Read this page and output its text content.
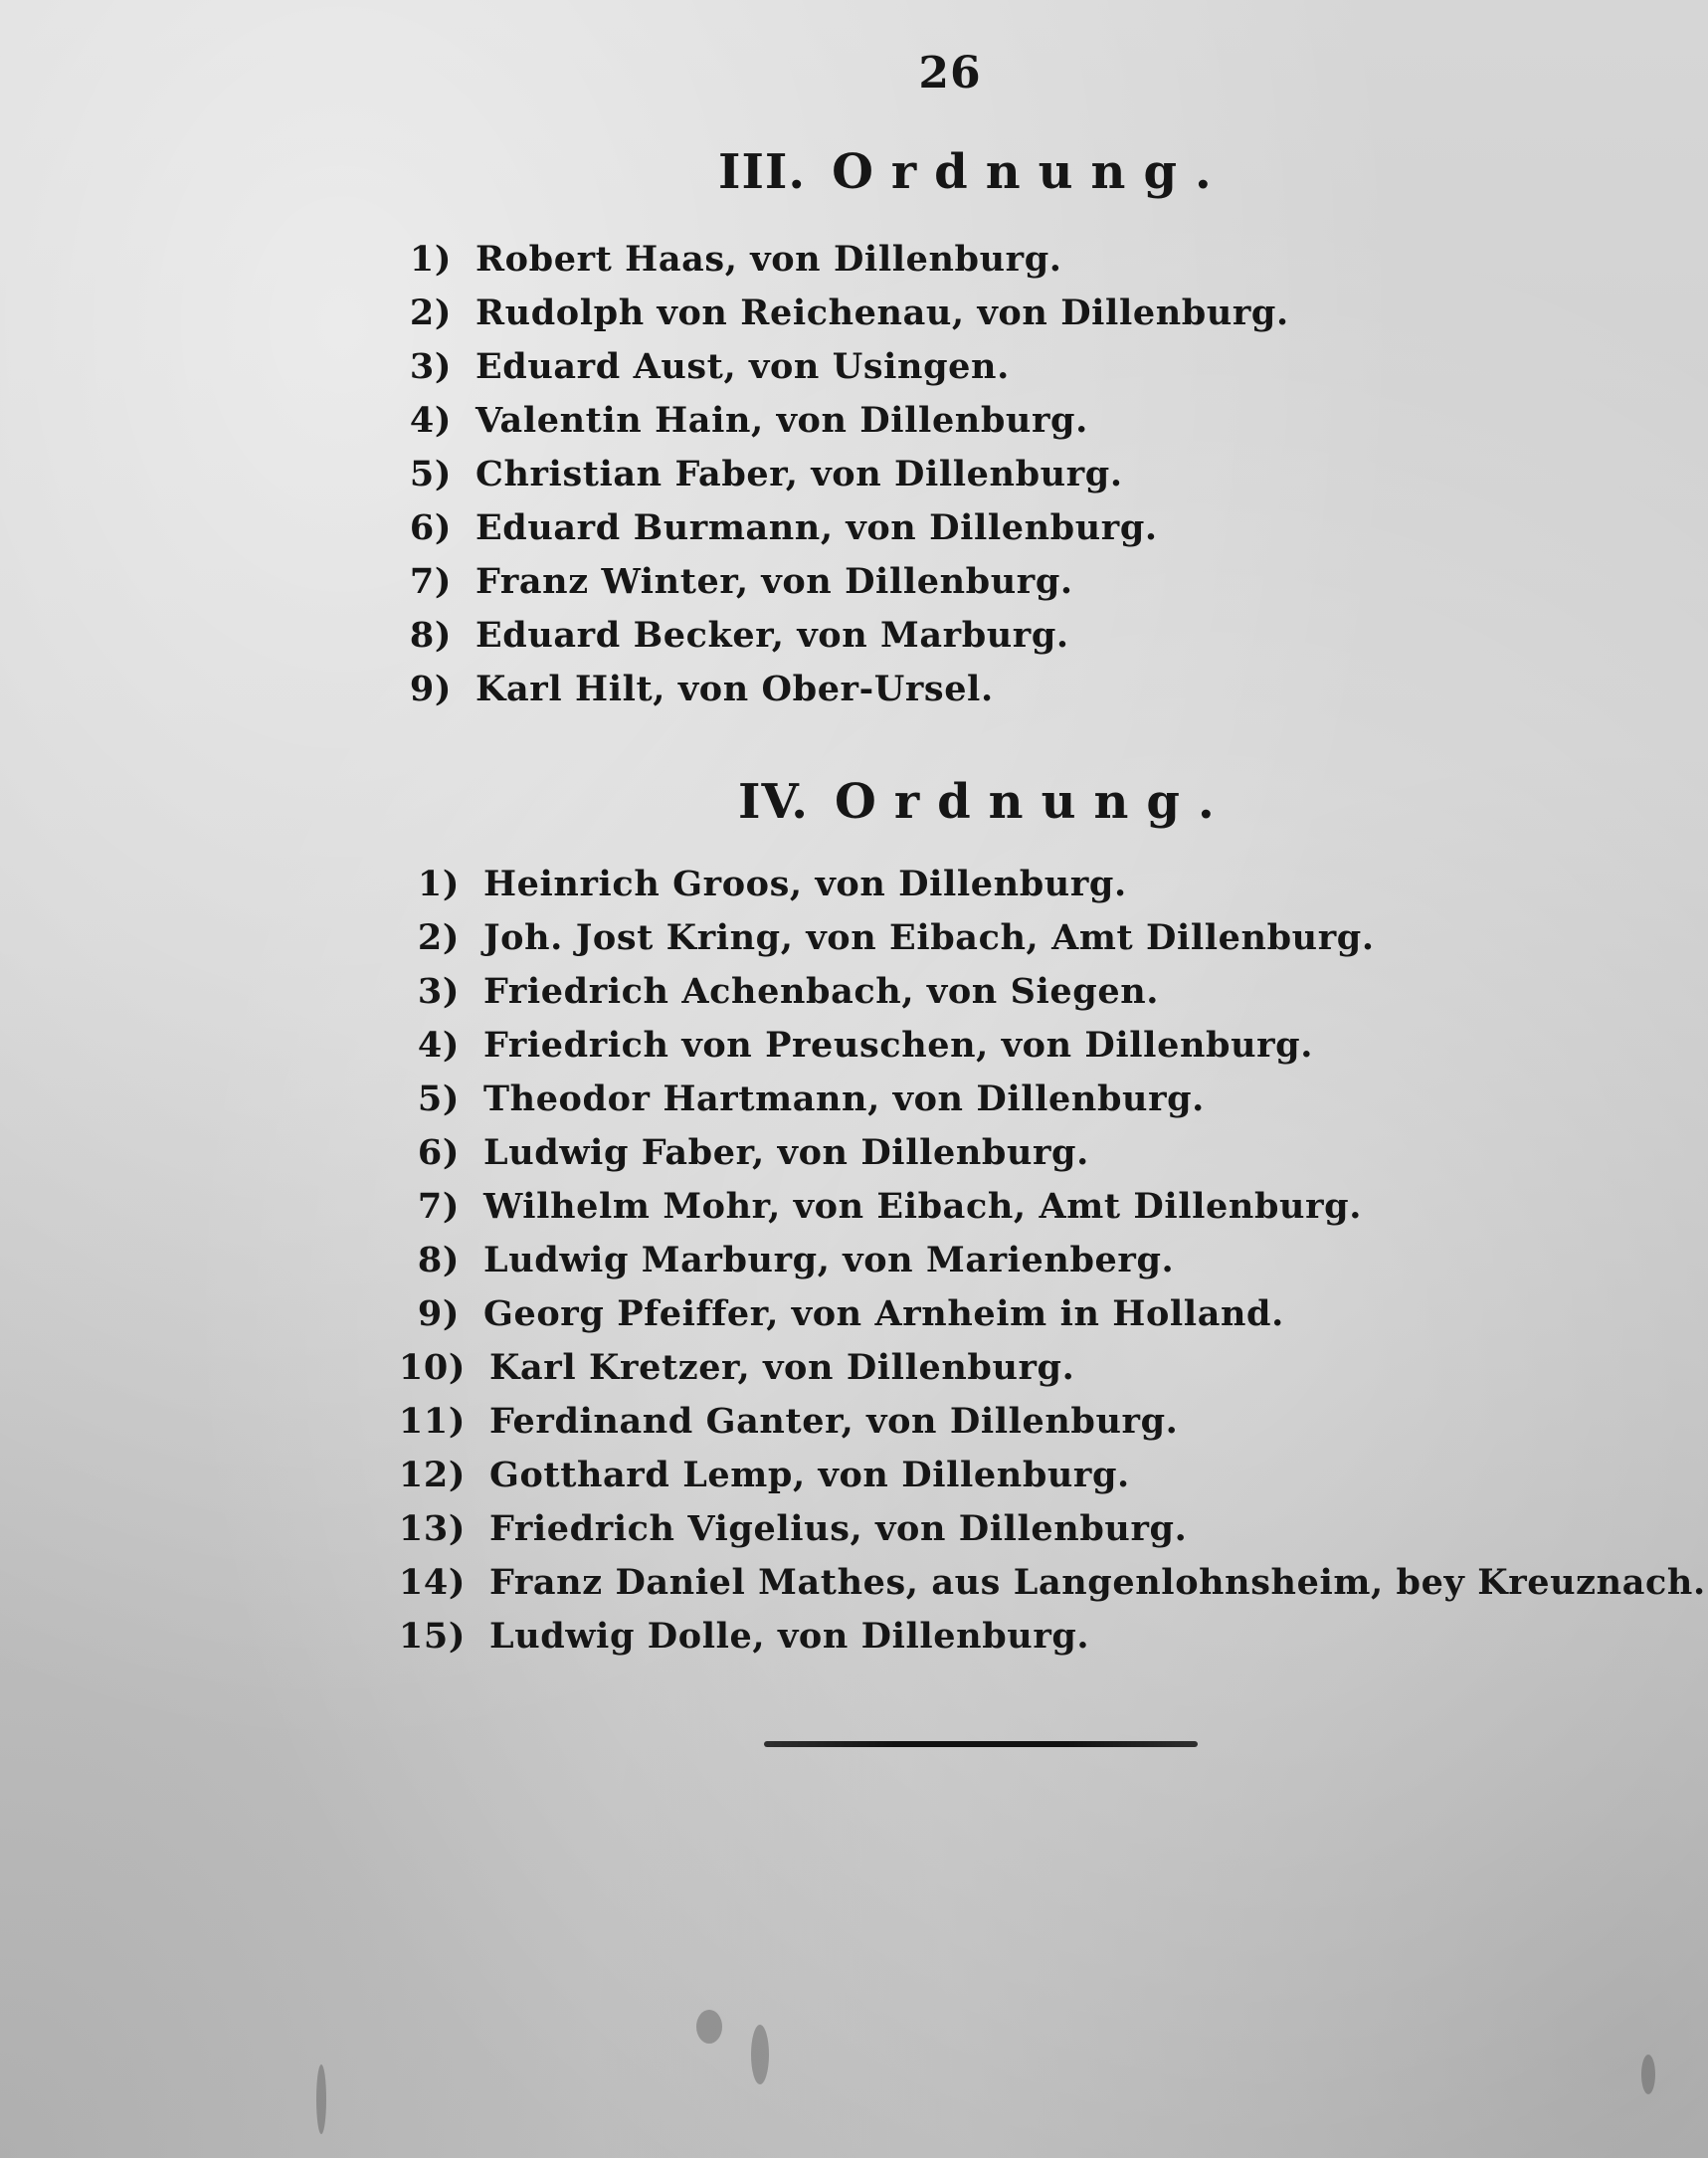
26
III. Ordnung.
1) Robert Haas, von Dillenburg.
2) Rudolph von Reichenau, von Dillenburg.
3) Eduard Aust, von Usingen.
4) Valentin Hain, von Dillenburg.
5) Christian Faber, von Dillenburg.
6) Eduard Burmann, von Dillenburg.
7) Franz Winter, von Dillenburg.
8) Eduard Becker, von Marburg.
9) Karl Hilt, von Ober-Ursel.
IV. Ordnung.
1) Heinrich Groos, von Dillenburg.
2) Joh. Jost Kring, von Eibach, Amt Dillenburg.
3) Friedrich Achenbach, von Siegen.
4) Friedrich von Preuschen, von Dillenburg.
5) Theodor Hartmann, von Dillenburg.
6) Ludwig Faber, von Dillenburg.
7) Wilhelm Mohr, von Eibach, Amt Dillenburg.
8) Ludwig Marburg, von Marienberg.
9) Georg Pfeiffer, von Arnheim in Holland.
10) Karl Kretzer, von Dillenburg.
11) Ferdinand Ganter, von Dillenburg.
12) Gotthard Lemp, von Dillenburg.
13) Friedrich Vigelius, von Dillenburg.
14) Franz Daniel Mathes, aus Langenlohnsheim, bey Kreuznach.
15) Ludwig Dolle, von Dillenburg.
